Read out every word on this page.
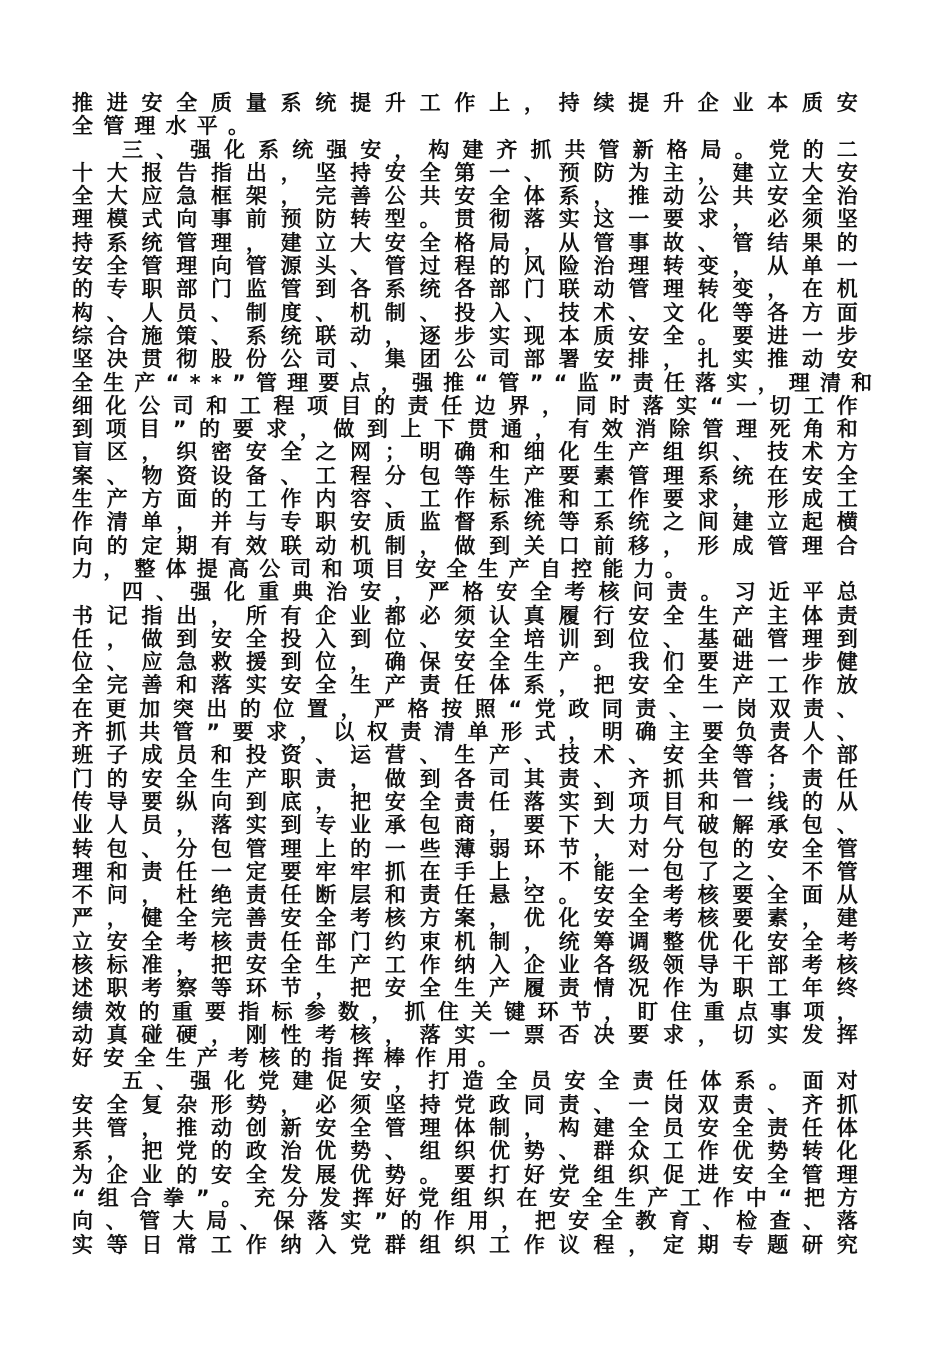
推进安全质量系统提升工作上，持续提升企业本质安
全管理水平。
三、强化系统强安，构建齐抓共管新格局。党的二
十大报告指出，坚持安全第一、预防为主，建立大安
全大应急框架，完善公共安全体系，推动公共安全治
理模式向事前预防转型。贯彻落实这一要求，必须坚
持系统管理，建立大安全格局，从管事故、管结果的
安全管理向管源头、管过程的风险治理转变，从单一
的专职部门监管到各系统各部门联动管理转变，在机
构、人员、制度、机制、投入、技术、文化等各方面
综合施策、系统联动，逐步实现本质安全。要进一步
坚决贯彻股份公司、集团公司部署安排，扎实推动安
全生产“**”管理要点，强推“管”“监”责任落实，理清和
细化公司和工程项目的责任边界，同时落实“一切工作
到项目”的要求，做到上下贯通，有效消除管理死角和
盲区，织密安全之网；明确和细化生产组织、技术方
案、物资设备、工程分包等生产要素管理系统在安全
生产方面的工作内容、工作标准和工作要求，形成工
作清单，并与专职安质监督系统等系统之间建立起横
向的定期有效联动机制，做到关口前移，形成管理合
力，整体提高公司和项目安全生产自控能力。
四、强化重典治安，严格安全考核问责。习近平总
书记指出，所有企业都必须认真履行安全生产主体责
任，做到安全投入到位、安全培训到位、基础管理到
位、应急救援到位，确保安全生产。我们要进一步健
全完善和落实安全生产责任体系，把安全生产工作放
在更加突出的位置，严格按照“党政同责、一岗双责、
齐抓共管”要求，以权责清单形式，明确主要负责人、
班子成员和投资、运营、生产、技术、安全等各个部
门的安全生产职责，做到各司其责、齐抓共管；责任
传导要纵向到底，把安全责任落实到项目和一线的从
业人员，落实到专业承包商，要下大力气破解承包、
转包、分包管理上的一些薄弱环节，对分包的安全管
理和责任一定要牢牢抓在手上，不能一包了之、不管
不问，杜绝责任断层和责任悬空。安全考核要全面从
严，健全完善安全考核方案，优化安全考核要素，建
立安全考核责任部门约束机制，统筹调整优化安全考
核标准，把安全生产工作纳入企业各级领导干部考核
述职考察等环节，把安全生产履责情况作为职工年终
绩效的重要指标参数，抓住关键环节，盯住重点事项，
动真碰硬，刚性考核，落实一票否决要求，切实发挥
好安全生产考核的指挥棒作用。
五、强化党建促安，打造全员安全责任体系。面对
安全复杂形势，必须坚持党政同责、一岗双责、齐抓
共管，推动创新安全管理体制，构建全员安全责任体
系，把党的政治优势、组织优势、群众工作优势转化
为企业的安全发展优势。要打好党组织促进安全管理
“组合拳”。充分发挥好党组织在安全生产工作中“把方
向、管大局、保落实”的作用，把安全教育、检查、落
实等日常工作纳入党群组织工作议程，定期专题研究
